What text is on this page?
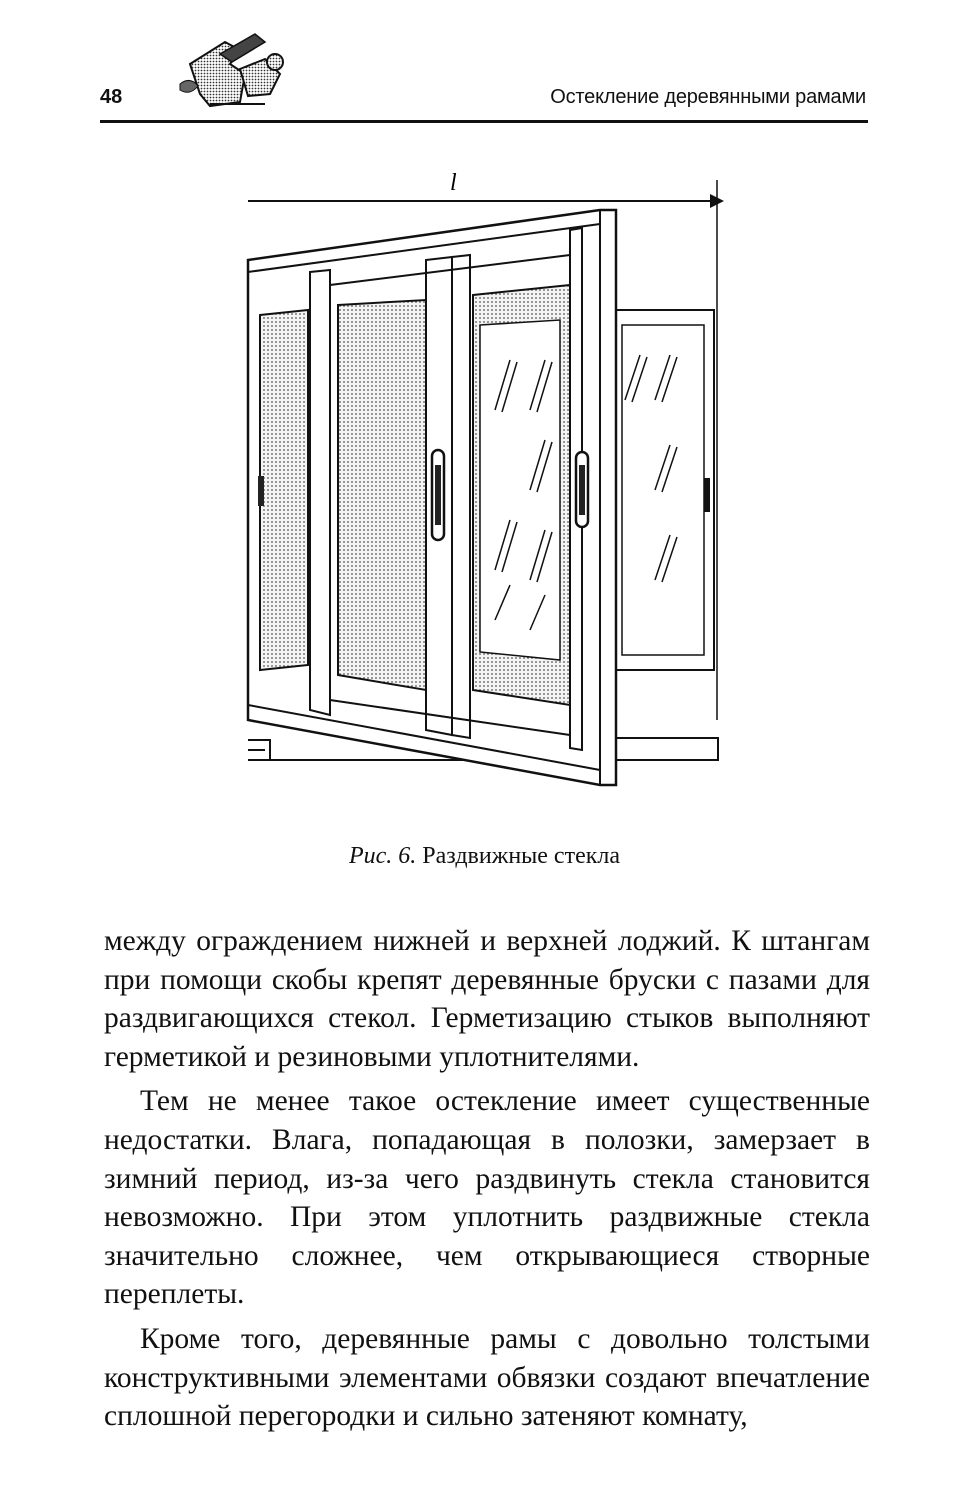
48	Остекление деревянными рамами
l
Рис. 6. Раздвижные стекла

между ограждением нижней и верхней лоджий. К штангам при помощи скобы крепят деревянные бруски с пазами для раздвигающихся стекол. Герметизацию стыков выполняют герметикой и резиновыми уплотнителями.

Тем не менее такое остекление имеет существенные недостатки. Влага, попадающая в полозки, замерзает в зимний период, из-за чего раздвинуть стекла становится невозможно. При этом уплотнить раздвижные стекла значительно сложнее, чем открывающиеся створные переплеты.

Кроме того, деревянные рамы с довольно толстыми конструктивными элементами обвязки создают впечатление сплошной перегородки и сильно затеняют комнату,
